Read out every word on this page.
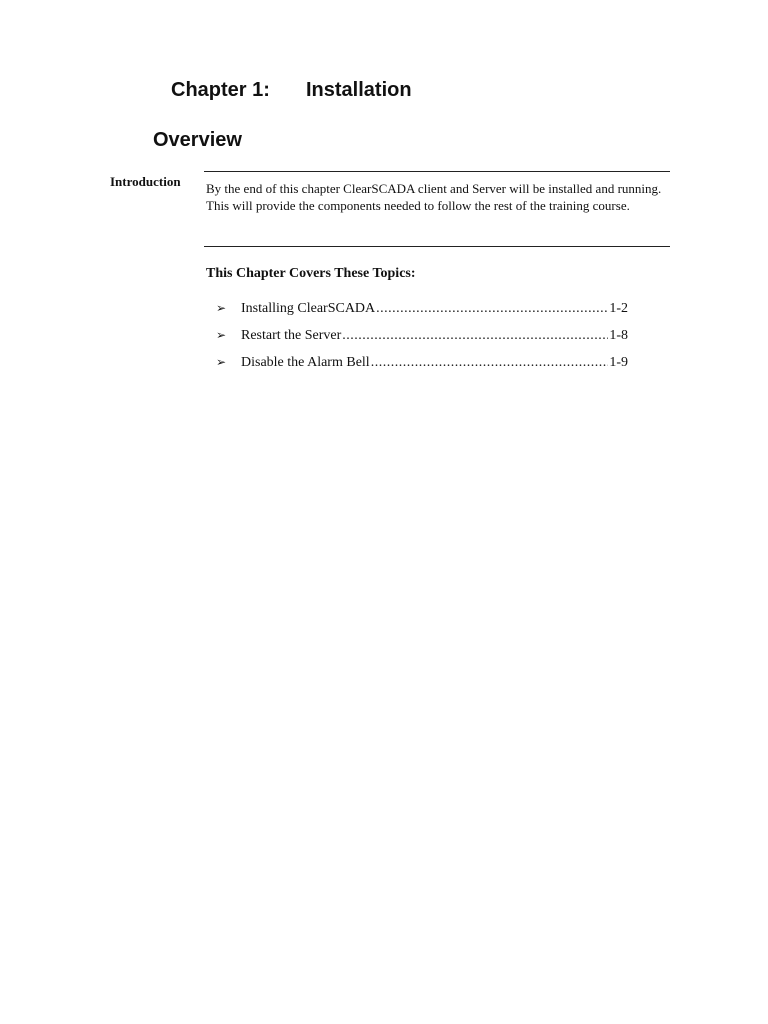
Chapter 1: Installation
Overview
Introduction By the end of this chapter ClearSCADA client and Server will be installed and running. This will provide the components needed to follow the rest of the training course.
This Chapter Covers These Topics:
➢	Installing ClearSCADA .....	1-2
➢	Restart the Server .....	1-8
➢	Disable the Alarm Bell .....	1-9
